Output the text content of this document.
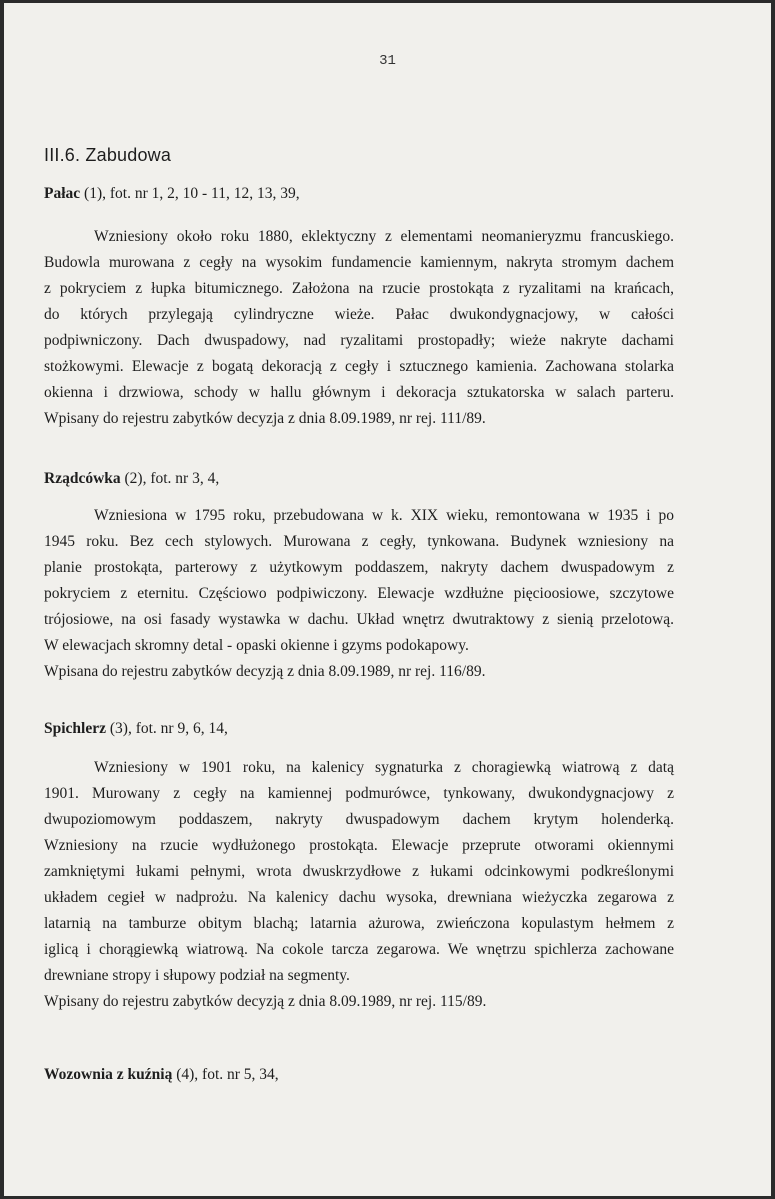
31
III.6. Zabudowa
Pałac (1), fot. nr 1, 2, 10 - 11, 12, 13, 39,
Wzniesiony około roku 1880, eklektyczny z elementami neomanieryzmu francuskiego.
Budowla murowana z cegły na wysokim fundamencie kamiennym, nakryta stromym dachem
z pokryciem z łupka bitumicznego. Założona na rzucie prostokąta z ryzalitami na krańcach,
do których przylegają cylindryczne wieże. Pałac dwukondygnacjowy, w całości
podpiwniczony. Dach dwuspadowy, nad ryzalitami prostopadły; wieże nakryte dachami
stożkowymi. Elewacje z bogatą dekoracją z cegły i sztucznego kamienia. Zachowana stolarka
okienna i drzwiowa, schody w hallu głównym i dekoracja sztukatorska w salach parteru.
Wpisany do rejestru zabytków decyzja z dnia 8.09.1989, nr rej. 111/89.
Rządcówka (2), fot. nr 3, 4,
Wzniesiona w 1795 roku, przebudowana w k. XIX wieku, remontowana w 1935 i po
1945 roku. Bez cech stylowych. Murowana z cegły, tynkowana. Budynek wzniesiony na
planie prostokąta, parterowy z użytkowym poddaszem, nakryty dachem dwuspadowym z
pokryciem z eternitu. Częściowo podpiwiczony. Elewacje wzdłużne pięcioosiowe, szczytowe
trójosiowe, na osi fasady wystawka w dachu. Układ wnętrz dwutraktowy z sienią przelotową.
W elewacjach skromny detal - opaski okienne i gzyms podokapowy.
Wpisana do rejestru zabytków decyzją z dnia 8.09.1989, nr rej. 116/89.
Spichlerz (3), fot. nr 9, 6, 14,
Wzniesiony w 1901 roku, na kalenicy sygnaturka z choragiewką wiatrową z datą
1901. Murowany z cegły na kamiennej podmurówce, tynkowany, dwukondygnacjowy z
dwupoziomowym poddaszem, nakryty dwuspadowym dachem krytym holenderką.
Wzniesiony na rzucie wydłużonego prostokąta. Elewacje przeprute otworami okiennymi
zamkniętymi łukami pełnymi, wrota dwuskrzydłowe z łukami odcinkowymi podkreślonymi
układem cegieł w nadprożu. Na kalenicy dachu wysoka, drewniana wieżyczka zegarowa z
latarnią na tamburze obitym blachą; latarnia ażurowa, zwieńczona kopulastym hełmem z
iglicą i chorągiewką wiatrową. Na cokole tarcza zegarowa. We wnętrzu spichlerza zachowane
drewniane stropy i słupowy podział na segmenty.
Wpisany do rejestru zabytków decyzją z dnia 8.09.1989, nr rej. 115/89.
Wozownia z kuźnią (4), fot. nr 5, 34,
